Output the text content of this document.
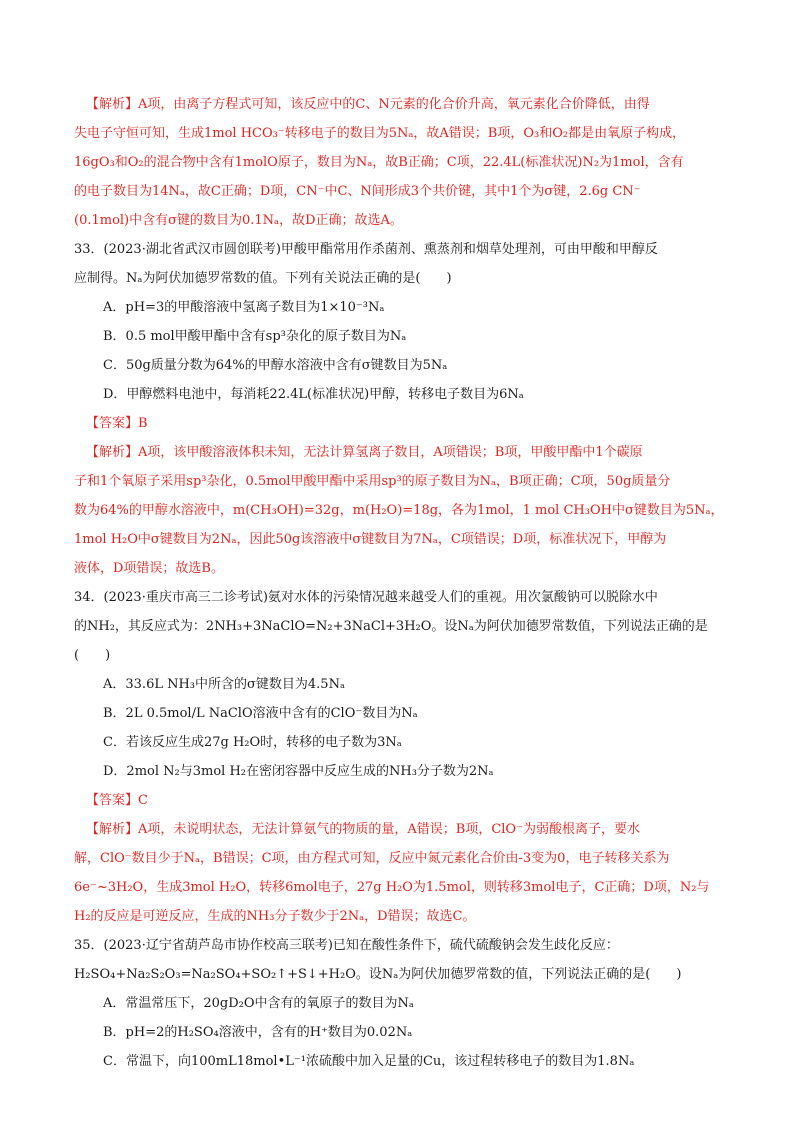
【解析】A项，由离子方程式可知，该反应中的C、N元素的化合价升高，氧元素化合价降低，由得
失电子守恒可知，生成1mol HCO₃⁻转移电子的数目为5Nₐ，故A错误；B项，O₃和O₂都是由氧原子构成，
16gO₃和O₂的混合物中含有1molO原子，数目为Nₐ，故B正确；C项，22.4L(标准状况)N₂为1mol，含有
的电子数目为14Nₐ，故C正确；D项，CN⁻中C、N间形成3个共价键，其中1个为σ键，2.6g CN⁻
(0.1mol)中含有σ键的数目为0.1Nₐ，故D正确；故选A。
33．(2023·湖北省武汉市圆创联考)甲酸甲酯常用作杀菌剂、熏蒸剂和烟草处理剂，可由甲酸和甲醇反
应制得。Nₐ为阿伏加德罗常数的值。下列有关说法正确的是(　　)
A．pH=3的甲酸溶液中氢离子数目为1×10⁻³Nₐ
B．0.5 mol甲酸甲酯中含有sp³杂化的原子数目为Nₐ
C．50g质量分数为64%的甲醇水溶液中含有σ键数目为5Nₐ
D．甲醇燃料电池中，每消耗22.4L(标准状况)甲醇，转移电子数目为6Nₐ
【答案】B
【解析】A项，该甲酸溶液体积未知，无法计算氢离子数目，A项错误；B项，甲酸甲酯中1个碳原
子和1个氧原子采用sp³杂化，0.5mol甲酸甲酯中采用sp³的原子数目为Nₐ，B项正确；C项，50g质量分
数为64%的甲醇水溶液中，m(CH₃OH)=32g，m(H₂O)=18g，各为1mol，1 mol CH₃OH中σ键数目为5Nₐ，
1mol H₂O中σ键数目为2Nₐ，因此50g该溶液中σ键数目为7Nₐ，C项错误；D项，标准状况下，甲醇为
液体，D项错误；故选B。
34．(2023·重庆市高三二诊考试)氨对水体的污染情况越来越受人们的重视。用次氯酸钠可以脱除水中
的NH₂，其反应式为：2NH₃+3NaClO=N₂+3NaCl+3H₂O。设Nₐ为阿伏加德罗常数值，下列说法正确的是
(　　)
A．33.6L NH₃中所含的σ键数目为4.5Nₐ
B．2L 0.5mol/L NaClO溶液中含有的ClO⁻数目为Nₐ
C．若该反应生成27g H₂O时，转移的电子数为3Nₐ
D．2mol N₂与3mol H₂在密闭容器中反应生成的NH₃分子数为2Nₐ
【答案】C
【解析】A项，未说明状态，无法计算氨气的物质的量，A错误；B项，ClO⁻为弱酸根离子，要水
解，ClO⁻数目少于Nₐ，B错误；C项，由方程式可知，反应中氮元素化合价由-3变为0，电子转移关系为
6e⁻~3H₂O，生成3mol H₂O，转移6mol电子，27g H₂O为1.5mol，则转移3mol电子，C正确；D项，N₂与
H₂的反应是可逆反应，生成的NH₃分子数少于2Nₐ，D错误；故选C。
35．(2023·辽宁省葫芦岛市协作校高三联考)已知在酸性条件下，硫代硫酸钠会发生歧化反应：
H₂SO₄+Na₂S₂O₃=Na₂SO₄+SO₂↑+S↓+H₂O。设Nₐ为阿伏加德罗常数的值，下列说法正确的是(　　)
A．常温常压下，20gD₂O中含有的氧原子的数目为Nₐ
B．pH=2的H₂SO₄溶液中，含有的H⁺数目为0.02Nₐ
C．常温下，向100mL18mol•L⁻¹浓硫酸中加入足量的Cu，该过程转移电子的数目为1.8Nₐ
